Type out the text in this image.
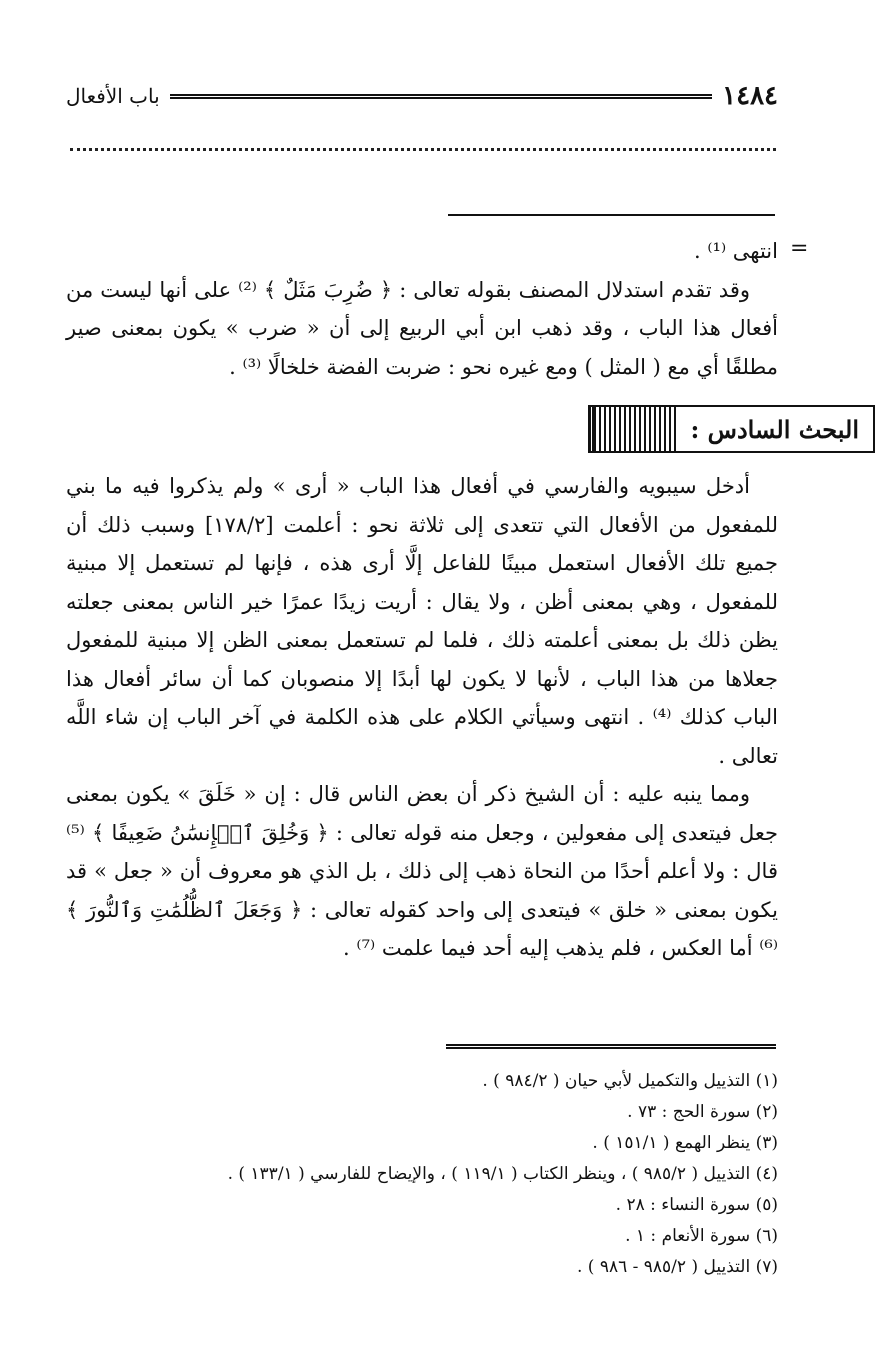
١٤٨٤
باب الأفعال
=

انتهى ⁽¹⁾ .

وقد تقدم استدلال المصنف بقوله تعالى : ﴿ ضُرِبَ مَثَلٌ ﴾ ⁽²⁾ على أنها ليست من أفعال هذا الباب ، وقد ذهب ابن أبي الربيع إلى أن « ضرب » يكون بمعنى صير مطلقًا أي مع ( المثل ) ومع غيره نحو : ضربت الفضة خلخالًا ⁽³⁾ .

البحث السادس :

أدخل سيبويه والفارسي في أفعال هذا الباب « أرى » ولم يذكروا فيه ما بني للمفعول من الأفعال التي تتعدى إلى ثلاثة نحو : أعلمت [١٧٨/٢] وسبب ذلك أن جميع تلك الأفعال استعمل مبينًا للفاعل إلَّا أرى هذه ، فإنها لم تستعمل إلا مبنية للمفعول ، وهي بمعنى أظن ، ولا يقال : أريت زيدًا عمرًا خير الناس بمعنى جعلته يظن ذلك بل بمعنى أعلمته ذلك ، فلما لم تستعمل بمعنى الظن إلا مبنية للمفعول جعلاها من هذا الباب ، لأنها لا يكون لها أبدًا إلا منصوبان كما أن سائر أفعال هذا الباب كذلك ⁽⁴⁾ . انتهى وسيأتي الكلام على هذه الكلمة في آخر الباب إن شاء اللَّه تعالى .

ومما ينبه عليه : أن الشيخ ذكر أن بعض الناس قال : إن « خَلَقَ » يكون بمعنى جعل فيتعدى إلى مفعولين ، وجعل منه قوله تعالى : ﴿ وَخُلِقَ ٱلۡإِنسَٰنُ ضَعِيفًا ﴾ ⁽⁵⁾ قال : ولا أعلم أحدًا من النحاة ذهب إلى ذلك ، بل الذي هو معروف أن « جعل » قد يكون بمعنى « خلق » فيتعدى إلى واحد كقوله تعالى : ﴿ وَجَعَلَ ٱلظُّلُمَٰتِ وَٱلنُّورَ ﴾ ⁽⁶⁾ أما العكس ، فلم يذهب إليه أحد فيما علمت ⁽⁷⁾ .

(١) التذييل والتكميل لأبي حيان ( ٩٨٤/٢ ) .
(٢) سورة الحج : ٧٣ .
(٣) ينظر الهمع ( ١٥١/١ ) .
(٤) التذييل ( ٩٨٥/٢ ) ، وينظر الكتاب ( ١١٩/١ ) ، والإيضاح للفارسي ( ١٣٣/١ ) .
(٥) سورة النساء : ٢٨ .
(٦) سورة الأنعام : ١ .
(٧) التذييل ( ٩٨٥/٢ - ٩٨٦ ) .
